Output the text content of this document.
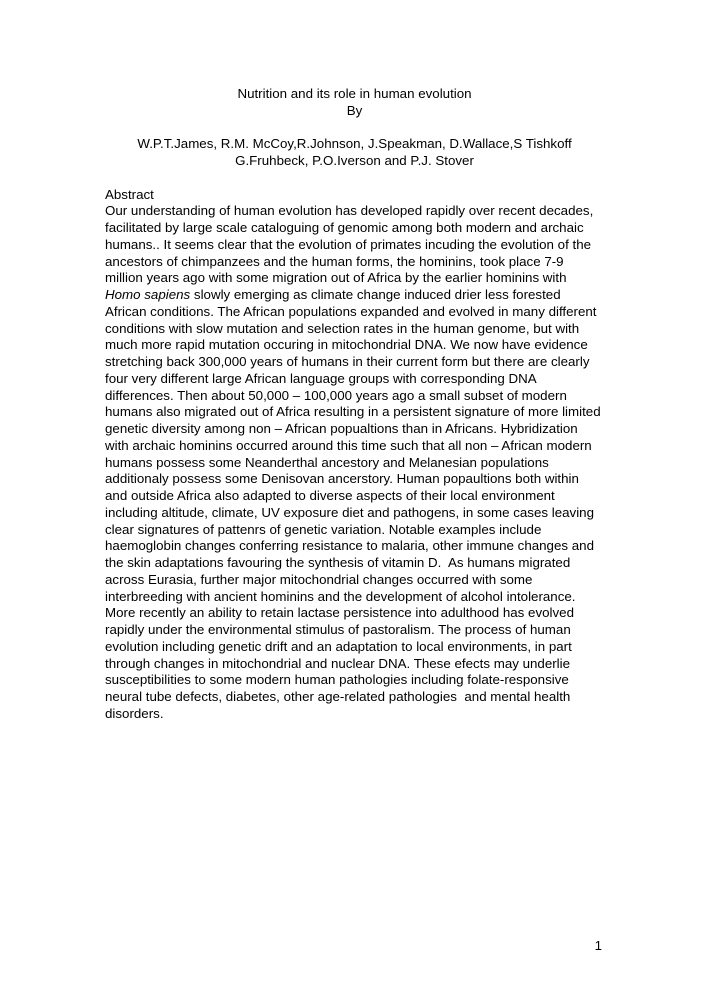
Nutrition and its role in human evolution
By
W.P.T.James, R.M. McCoy,R.Johnson, J.Speakman, D.Wallace,S Tishkoff
G.Fruhbeck, P.O.Iverson and P.J. Stover
Abstract

Our understanding of human evolution has developed rapidly over recent decades, facilitated by large scale cataloguing of genomic among both modern and archaic humans.. It seems clear that the evolution of primates incuding the evolution of the ancestors of chimpanzees and the human forms, the hominins, took place 7-9 million years ago with some migration out of Africa by the earlier hominins with Homo sapiens slowly emerging as climate change induced drier less forested African conditions. The African populations expanded and evolved in many different conditions with slow mutation and selection rates in the human genome, but with much more rapid mutation occuring in mitochondrial DNA. We now have evidence stretching back 300,000 years of humans in their current form but there are clearly four very different large African language groups with corresponding DNA differences. Then about 50,000 – 100,000 years ago a small subset of modern humans also migrated out of Africa resulting in a persistent signature of more limited genetic diversity among non – African popualtions than in Africans. Hybridization with archaic hominins occurred around this time such that all non – African modern humans possess some Neanderthal ancestory and Melanesian populations additionaly possess some Denisovan ancerstory. Human popaultions both within and outside Africa also adapted to diverse aspects of their local environment including altitude, climate, UV exposure diet and pathogens, in some cases leaving clear signatures of pattenrs of genetic variation. Notable examples include haemoglobin changes conferring resistance to malaria, other immune changes and the skin adaptations favouring the synthesis of vitamin D.  As humans migrated across Eurasia, further major mitochondrial changes occurred with some interbreeding with ancient hominins and the development of alcohol intolerance. More recently an ability to retain lactase persistence into adulthood has evolved rapidly under the environmental stimulus of pastoralism. The process of human evolution including genetic drift and an adaptation to local environments, in part through changes in mitochondrial and nuclear DNA. These efects may underlie susceptibilities to some modern human pathologies including folate-responsive neural tube defects, diabetes, other age-related pathologies  and mental health disorders.

1
